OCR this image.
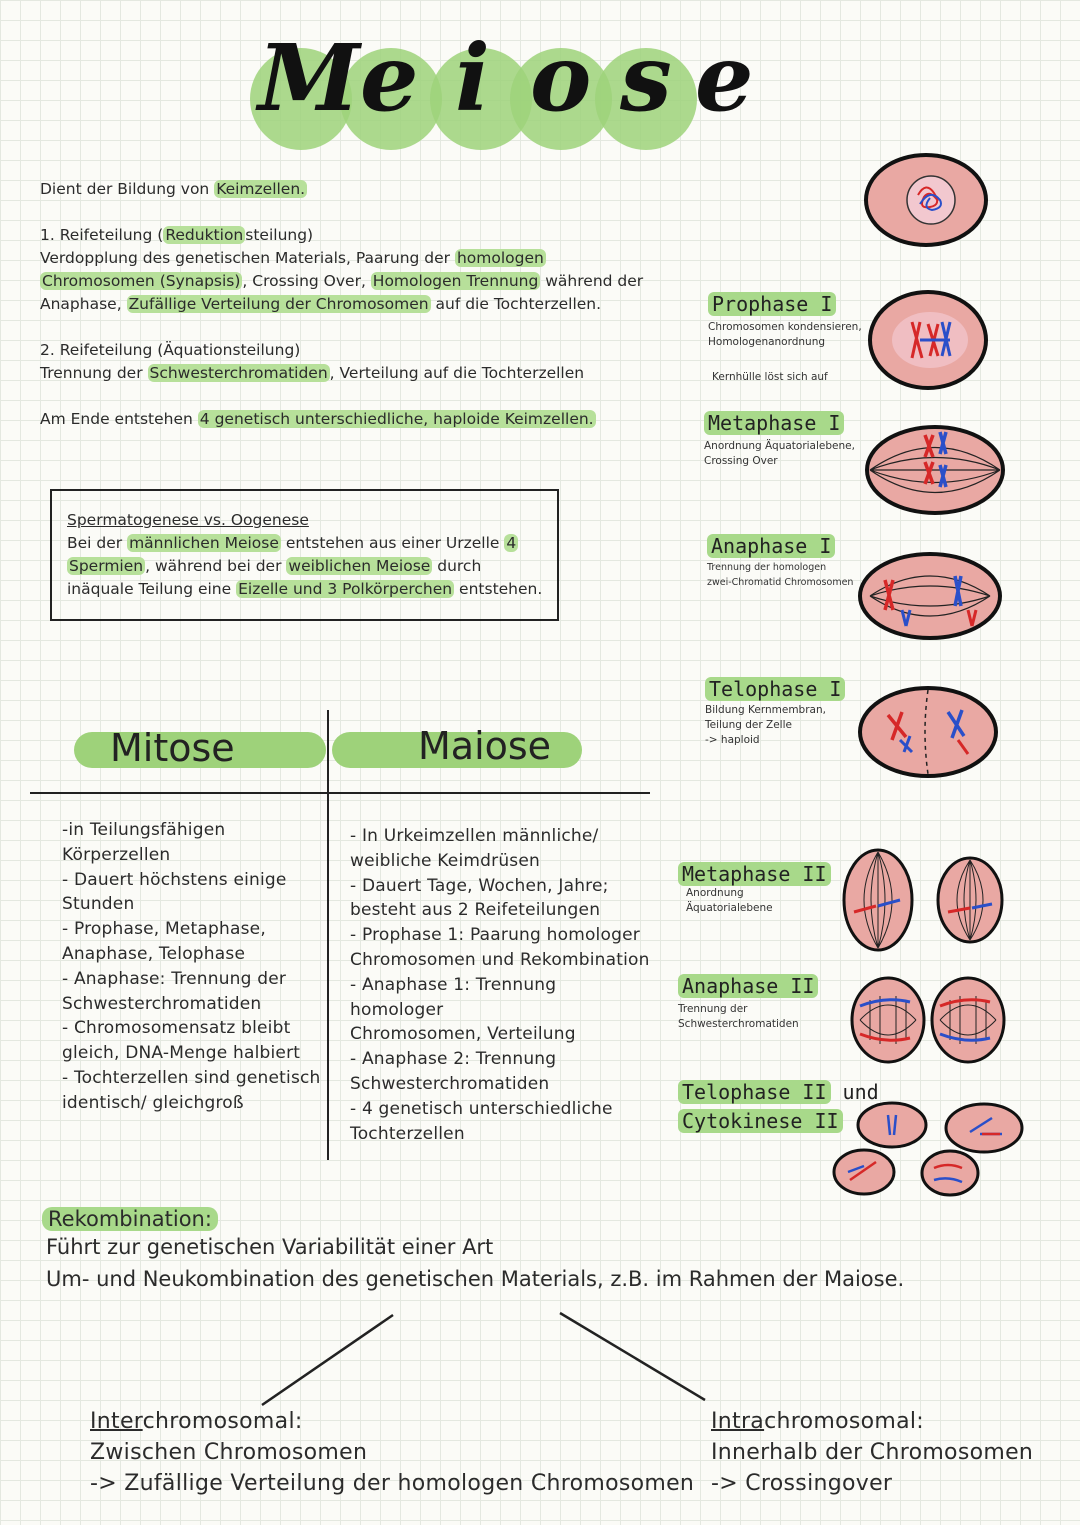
M e i o s e
Dient der Bildung von Keimzellen.
1. Reifeteilung ( Reduktion steilung)
Verdopplung des genetischen Materials, Paarung der homologen
Chromosomen (Synapsis) , Crossing Over, Homologen Trennung während der
Anaphase, Zufällige Verteilung der Chromosomen auf die Tochterzellen.
2. Reifeteilung (Äquationsteilung)
Trennung der Schwesterchromatiden , Verteilung auf die Tochterzellen
Am Ende entstehen 4 genetisch unterschiedliche, haploide Keimzellen.
Spermatogenese vs. Oogenese
Bei der männlichen Meiose entstehen aus einer Urzelle 4
Spermien , während bei der weiblichen Meiose durch
inäquale Teilung eine Eizelle und 3 Polkörperchen entstehen.
Mitose	Maiose
-in Teilungsfähigen
Körperzellen
- Dauert höchstens einige
Stunden
- Prophase, Metaphase,
Anaphase, Telophase
- Anaphase: Trennung der
Schwesterchromatiden
- Chromosomensatz bleibt
gleich, DNA-Menge halbiert
- Tochterzellen sind genetisch
identisch/ gleichgroß
- In Urkeimzellen männliche/
weibliche Keimdrüsen
- Dauert Tage, Wochen, Jahre;
besteht aus 2 Reifeteilungen
- Prophase 1: Paarung homologer
Chromosomen und Rekombination
- Anaphase 1: Trennung homologer
Chromosomen, Verteilung
- Anaphase 2: Trennung
Schwesterchromatiden
- 4 genetisch unterschiedliche
Tochterzellen
Prophase I
Chromosomen kondensieren,
Homologenanordnung
Kernhülle löst sich auf
Metaphase I
Anordnung Äquatorialebene,
Crossing Over
Anaphase I
Trennung der homologen
zwei-Chromatid Chromosomen
Telophase I
Bildung Kernmembran,
Teilung der Zelle
-> haploid
Metaphase II
Anordnung
Äquatorialebene
Anaphase II
Trennung der
Schwesterchromatiden
Telophase II und
Cytokinese II
Rekombination:
Führt zur genetischen Variabilität einer Art
Um- und Neukombination des genetischen Materials, z.B. im Rahmen der Maiose.
Interchromosomal:
Zwischen Chromosomen
-> Zufällige Verteilung der homologen Chromosomen
Intrachromosomal:
Innerhalb der Chromosomen
-> Crossingover
